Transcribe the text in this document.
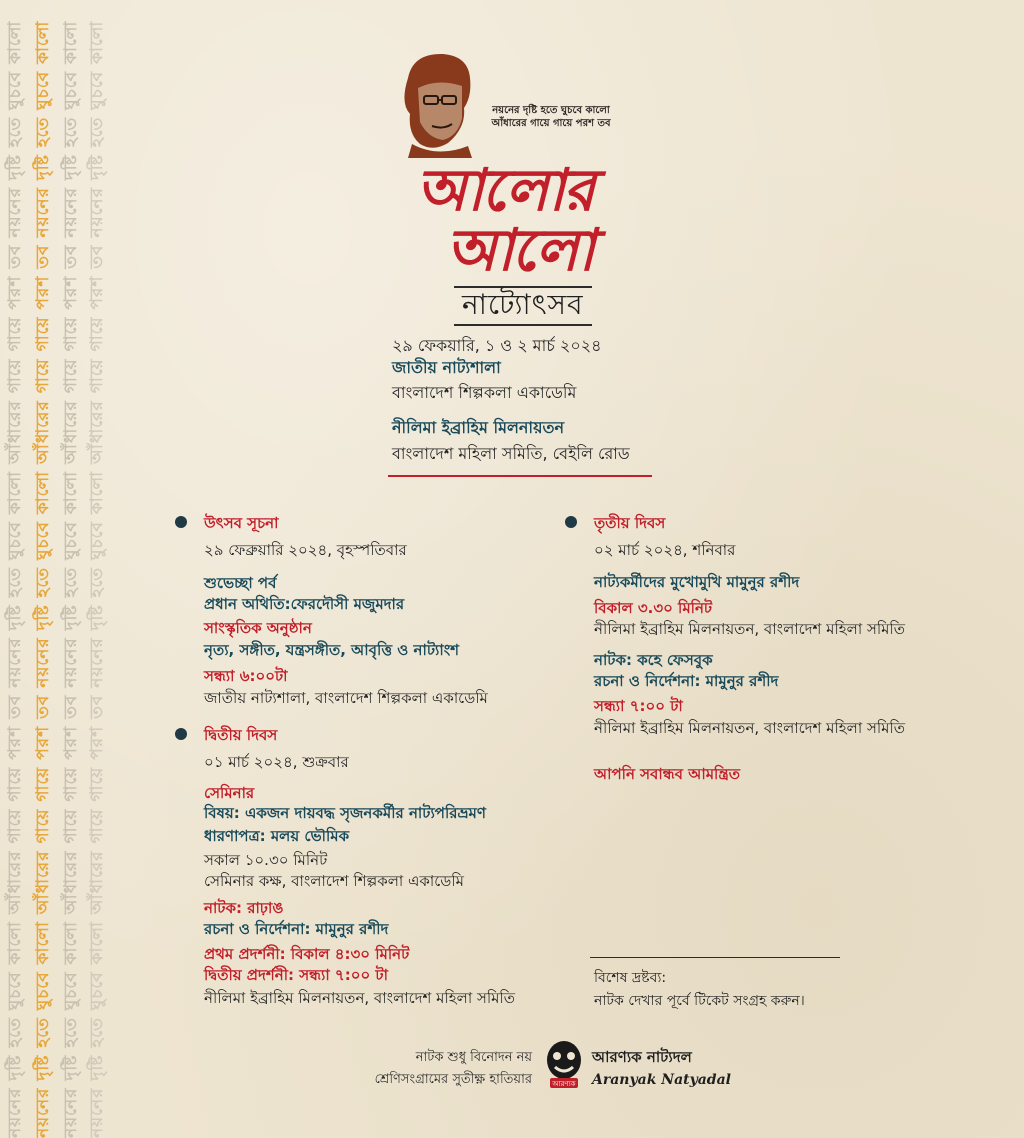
নয়নের দৃষ্টি হতে ঘুচবে কালো আঁধারের গায়ে গায়ে পরশ তব নয়নের দৃষ্টি হতে ঘুচবে কালো আঁধারের গায়ে গায়ে পরশ তব নয়নের দৃষ্টি হতে ঘুচবে কালো নয়নের দৃষ্টি হতে ঘুচবে কালো আঁধারের গায়ে গায়ে পরশ তব নয়নের দৃষ্টি হতে ঘুচবে কালো আঁধারের গায়ে গায়ে পরশ তব নয়নের দৃষ্টি হতে ঘুচবে কালো নয়নের দৃষ্টি হতে ঘুচবে কালো আঁধারের গায়ে গায়ে পরশ তব নয়নের দৃষ্টি হতে ঘুচবে কালো আঁধারের গায়ে গায়ে পরশ তব নয়নের দৃষ্টি হতে ঘুচবে কালো নয়নের দৃষ্টি হতে ঘুচবে কালো আঁধারের গায়ে গায়ে পরশ তব নয়নের দৃষ্টি হতে ঘুচবে কালো আঁধারের গায়ে গায়ে পরশ তব নয়নের দৃষ্টি হতে ঘুচবে কালো	নয়নের দৃষ্টি হতে ঘুচবে কালো
আঁধারের গায়ে গায়ে পরশ তব
আলোর
আলো
নাট্যোৎসব
২৯ ফেকয়ারি, ১ ও ২ মার্চ ২০২৪
জাতীয় নাট্যশালা
বাংলাদেশ শিল্পকলা একাডেমি
নীলিমা ইব্রাহিম মিলনায়তন
বাংলাদেশ মহিলা সমিতি, বেইলি রোড
উৎসব সূচনা
২৯ ফেব্রুয়ারি ২০২৪, বৃহস্পতিবার
শুভেচ্ছা পর্ব
প্রধান অথিতি:ফেরদৌসী মজুমদার
সাংস্কৃতিক অনুষ্ঠান
নৃত্য, সঙ্গীত, যন্ত্রসঙ্গীত, আবৃত্তি ও নাট্যাংশ
সন্ধ্যা ৬:০০টা
জাতীয় নাট্যশালা, বাংলাদেশ শিল্পকলা একাডেমি
দ্বিতীয় দিবস
০১ মার্চ ২০২৪, শুক্রবার
সেমিনার
বিষয়: একজন দায়বদ্ধ সৃজনকর্মীর নাট্যপরিভ্রমণ
ধারণাপত্র: মলয় ভৌমিক
সকাল ১০.৩০ মিনিট
সেমিনার কক্ষ, বাংলাদেশ শিল্পকলা একাডেমি
নাটক: রাঢ়াঙ
রচনা ও নির্দেশনা: মামুনুর রশীদ
প্রথম প্রদর্শনী: বিকাল ৪:৩০ মিনিট
দ্বিতীয় প্রদর্শনী: সন্ধ্যা ৭:০০ টা
নীলিমা ইব্রাহিম মিলনায়তন, বাংলাদেশ মহিলা সমিতি
তৃতীয় দিবস
০২ মার্চ ২০২৪, শনিবার
নাট্যকর্মীদের মুখোমুখি মামুনুর রশীদ
বিকাল ৩.৩০ মিনিট
নীলিমা ইব্রাহিম মিলনায়তন, বাংলাদেশ মহিলা সমিতি
নাটক: কহে ফেসবুক
রচনা ও নির্দেশনা: মামুনুর রশীদ
সন্ধ্যা ৭:০০ টা
নীলিমা ইব্রাহিম মিলনায়তন, বাংলাদেশ মহিলা সমিতি
আপনি সবান্ধব আমন্ত্রিত
বিশেষ দ্রষ্টব্য:
নাটক দেখার পূর্বে টিকেট সংগ্রহ করুন।
নাটক শুধু বিনোদন নয়
শ্রেণিসংগ্রামের সুতীক্ষ্ণ হাতিয়ার	আরণ্যক
আরণ্যক নাট্যদল
Aranyak Natyadal
